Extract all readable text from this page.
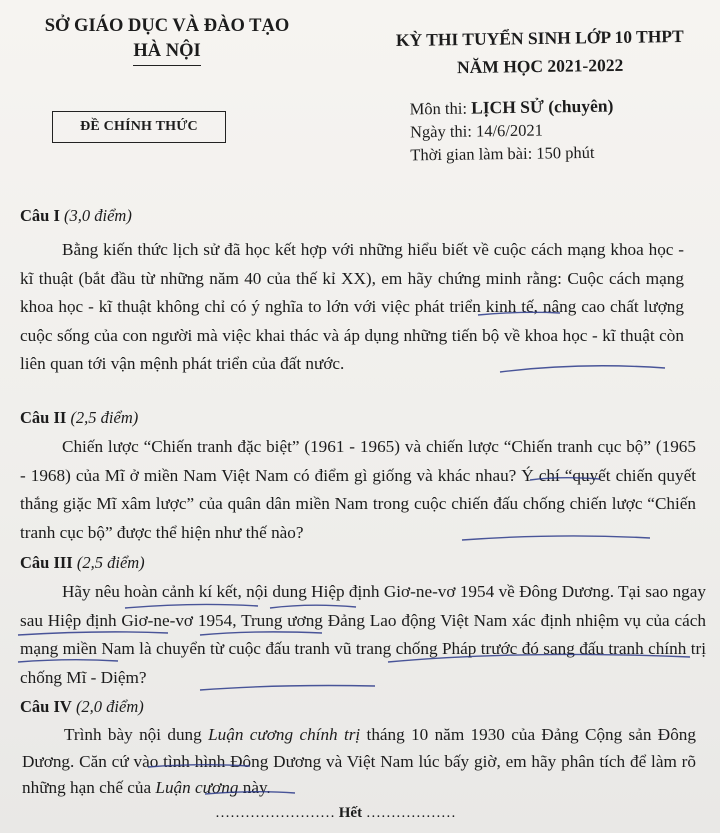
SỞ GIÁO DỤC VÀ ĐÀO TẠO
HÀ NỘI
KỲ THI TUYỂN SINH LỚP 10 THPT
NĂM HỌC 2021-2022
ĐỀ CHÍNH THỨC
Môn thi: LỊCH SỬ (chuyên)
Ngày thi: 14/6/2021
Thời gian làm bài: 150 phút
Câu I (3,0 điểm)

Bằng kiến thức lịch sử đã học kết hợp với những hiểu biết về cuộc cách mạng khoa học - kĩ thuật (bắt đầu từ những năm 40 của thế kỉ XX), em hãy chứng minh rằng: Cuộc cách mạng khoa học - kĩ thuật không chỉ có ý nghĩa to lớn với việc phát triển kinh tế, nâng cao chất lượng cuộc sống của con người mà việc khai thác và áp dụng những tiến bộ về khoa học - kĩ thuật còn liên quan tới vận mệnh phát triển của đất nước.

Câu II (2,5 điểm)

Chiến lược “Chiến tranh đặc biệt” (1961 - 1965) và chiến lược “Chiến tranh cục bộ” (1965 - 1968) của Mĩ ở miền Nam Việt Nam có điểm gì giống và khác nhau? Ý chí “quyết chiến quyết thắng giặc Mĩ xâm lược” của quân dân miền Nam trong cuộc chiến đấu chống chiến lược “Chiến tranh cục bộ” được thể hiện như thế nào?

Câu III (2,5 điểm)

Hãy nêu hoàn cảnh kí kết, nội dung Hiệp định Giơ-ne-vơ 1954 về Đông Dương. Tại sao ngay sau Hiệp định Giơ-ne-vơ 1954, Trung ương Đảng Lao động Việt Nam xác định nhiệm vụ của cách mạng miền Nam là chuyển từ cuộc đấu tranh vũ trang chống Pháp trước đó sang đấu tranh chính trị chống Mĩ - Diệm?

Câu IV (2,0 điểm)

Trình bày nội dung Luận cương chính trị tháng 10 năm 1930 của Đảng Cộng sản Đông Dương. Căn cứ vào tình hình Đông Dương và Việt Nam lúc bấy giờ, em hãy phân tích để làm rõ những hạn chế của Luận cương này.

…………………… Hết ………………
